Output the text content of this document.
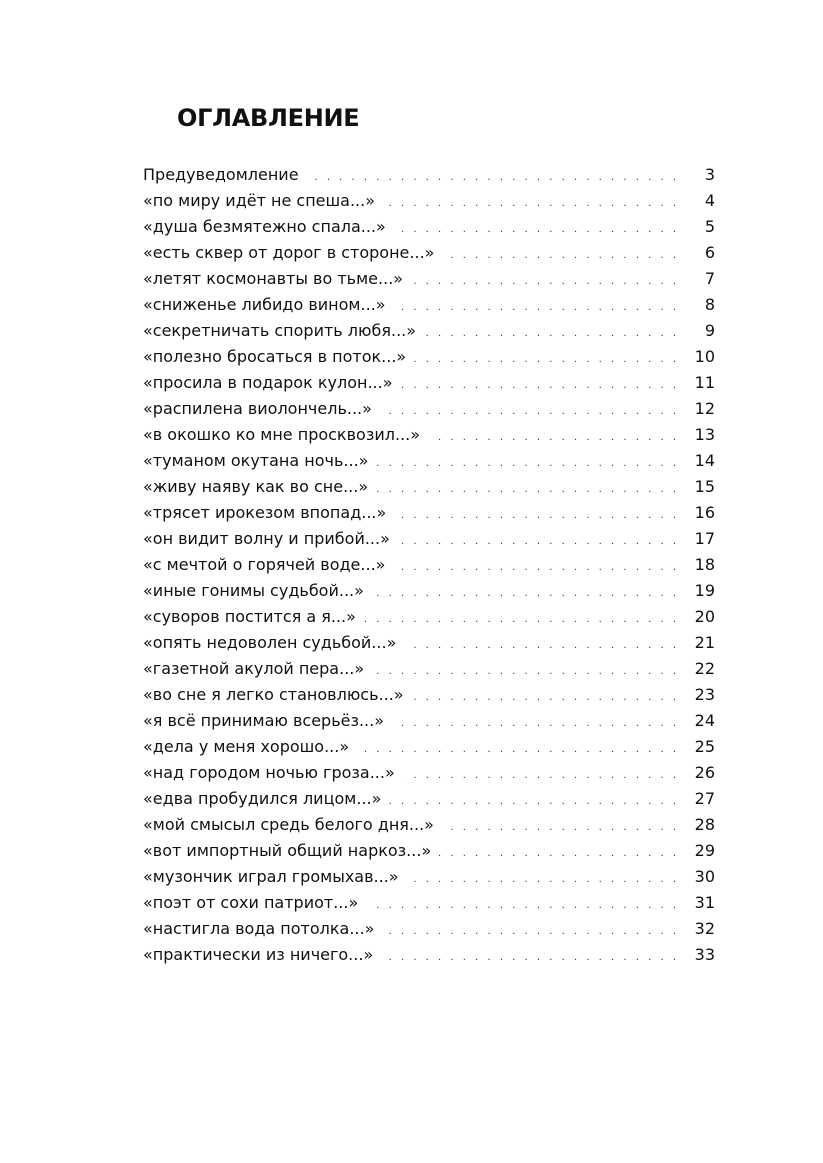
ОГЛАВЛЕНИЕ
Предуведомление . . .	3
«по миру идёт не спеша...» . . .	4
«душа безмятежно спала...» . . .	5
«есть сквер от дорог в стороне...» . . .	6
«летят космонавты во тьме...» . . .	7
«сниженье либидо вином...» . . .	8
«секретничать спорить любя...» . . .	9
«полезно бросаться в поток...» . . .	10
«просила в подарок кулон...» . . .	11
«распилена виолончель...» . . .	12
«в окошко ко мне просквозил...» . . .	13
«туманом окутана ночь...» . . .	14
«живу наяву как во сне...» . . .	15
«трясет ирокезом впопад...» . . .	16
«он видит волну и прибой...» . . .	17
«с мечтой о горячей воде...» . . .	18
«иные гонимы судьбой...» . . .	19
«суворов постится а я...» . . .	20
«опять недоволен судьбой...» . . .	21
«газетной акулой пера...» . . .	22
«во сне я легко становлюсь...» . . .	23
«я всё принимаю всерьёз...» . . .	24
«дела у меня хорошо...» . . .	25
«над городом ночью гроза...» . . .	26
«едва пробудился лицом...» . . .	27
«мой смысыл средь белого дня...» . . .	28
«вот импортный общий наркоз...» . . .	29
«музончик играл громыхав...» . . .	30
«поэт от сохи патриот...» . . .	31
«настигла вода потолка...» . . .	32
«практически из ничего...» . . .	33
